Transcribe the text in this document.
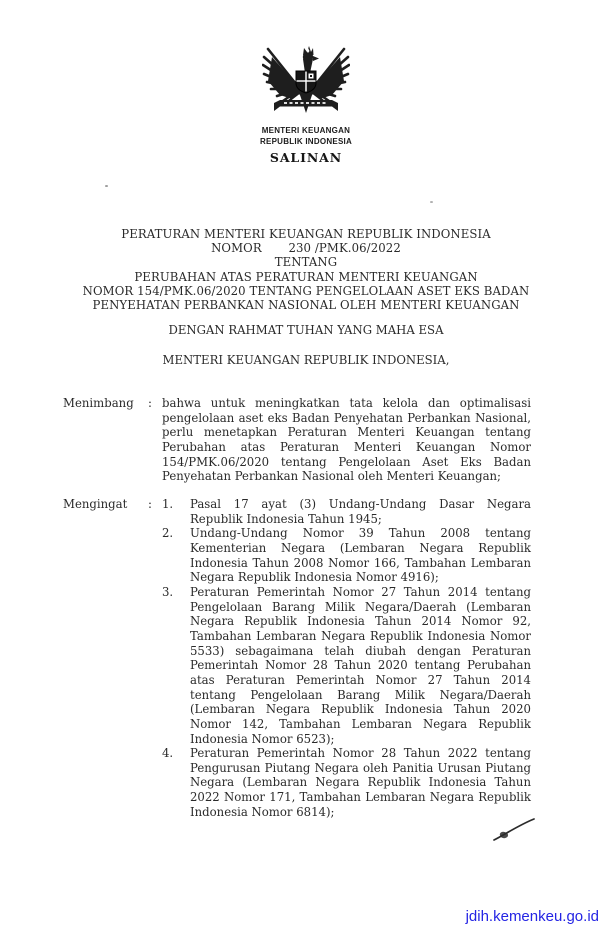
MENTERI KEUANGAN
REPUBLIK INDONESIA
SALINAN
PERATURAN MENTERI KEUANGAN REPUBLIK INDONESIA
NOMOR       230 /PMK.06/2022
TENTANG
PERUBAHAN ATAS PERATURAN MENTERI KEUANGAN
NOMOR 154/PMK.06/2020 TENTANG PENGELOLAAN ASET EKS BADAN
PENYEHATAN PERBANKAN NASIONAL OLEH MENTERI KEUANGAN
DENGAN RAHMAT TUHAN YANG MAHA ESA
MENTERI KEUANGAN REPUBLIK INDONESIA,
Menimbang	: bahwa untuk meningkatkan tata kelola dan optimalisasi pengelolaan aset eks Badan Penyehatan Perbankan Nasional, perlu menetapkan Peraturan Menteri Keuangan tentang Perubahan atas Peraturan Menteri Keuangan Nomor 154/PMK.06/2020 tentang Pengelolaan Aset Eks Badan Penyehatan Perbankan Nasional oleh Menteri Keuangan;
Mengingat	: 1.	Pasal 17 ayat (3) Undang-Undang Dasar Negara Republik Indonesia Tahun 1945;
2.	Undang-Undang Nomor 39 Tahun 2008 tentang Kementerian Negara (Lembaran Negara Republik Indonesia Tahun 2008 Nomor 166, Tambahan Lembaran Negara Republik Indonesia Nomor 4916);
3.	Peraturan Pemerintah Nomor 27 Tahun 2014 tentang Pengelolaan Barang Milik Negara/Daerah (Lembaran Negara Republik Indonesia Tahun 2014 Nomor 92, Tambahan Lembaran Negara Republik Indonesia Nomor 5533) sebagaimana telah diubah dengan Peraturan Pemerintah Nomor 28 Tahun 2020 tentang Perubahan atas Peraturan Pemerintah Nomor 27 Tahun 2014 tentang Pengelolaan Barang Milik Negara/Daerah (Lembaran Negara Republik Indonesia Tahun 2020 Nomor 142, Tambahan Lembaran Negara Republik Indonesia Nomor 6523);
4.	Peraturan Pemerintah Nomor 28 Tahun 2022 tentang Pengurusan Piutang Negara oleh Panitia Urusan Piutang Negara (Lembaran Negara Republik Indonesia Tahun 2022 Nomor 171, Tambahan Lembaran Negara Republik Indonesia Nomor 6814);
jdih.kemenkeu.go.id
